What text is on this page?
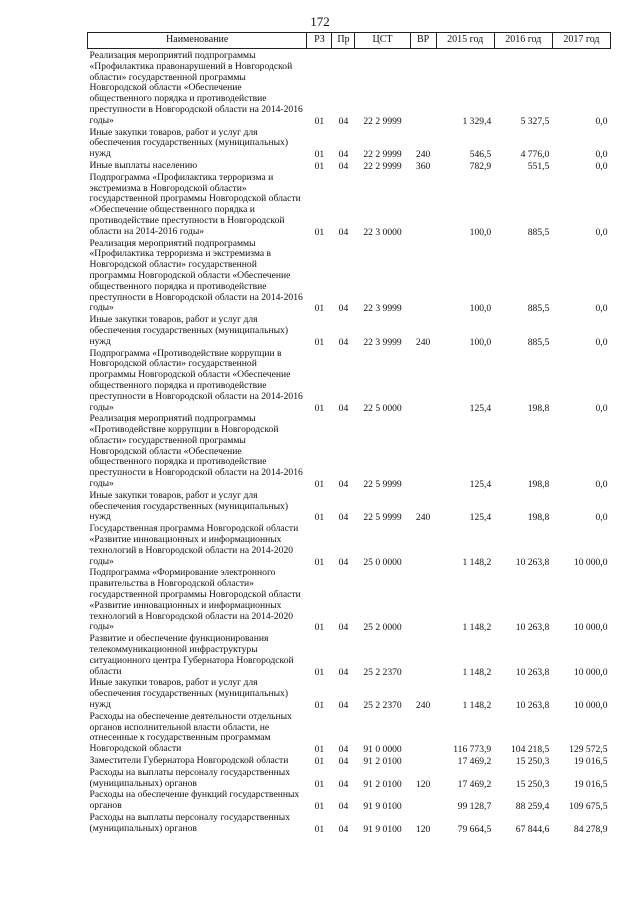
172
Наименование	РЗ	Пр	ЦСТ	ВР	2015 год	2016 год	2017 год
Реализация мероприятий подпрограммы «Профилактика правонарушений в Новгородской области» государственной программы Новгородской области «Обеспечение общественного порядка и противодействие преступности в Новгородской области на 2014-2016 годы»	01	04	22 2 9999		1 329,4	5 327,5	0,0
Иные закупки товаров, работ и услуг для обеспечения государственных (муниципальных) нужд	01	04	22 2 9999	240	546,5	4 776,0	0,0
Иные выплаты населению	01	04	22 2 9999	360	782,9	551,5	0,0
Подпрограмма «Профилактика терроризма и экстремизма в Новгородской области» государственной программы Новгородской области «Обеспечение общественного порядка и противодействие преступности в Новгородской области на 2014-2016 годы»	01	04	22 3 0000		100,0	885,5	0,0
Реализация мероприятий подпрограммы «Профилактика терроризма и экстремизма в Новгородской области» государственной программы Новгородской области «Обеспечение общественного порядка и противодействие преступности в Новгородской области на 2014-2016 годы»	01	04	22 3 9999		100,0	885,5	0,0
Иные закупки товаров, работ и услуг для обеспечения государственных (муниципальных) нужд	01	04	22 3 9999	240	100,0	885,5	0,0
Подпрограмма «Противодействие коррупции в Новгородской области» государственной программы Новгородской области «Обеспечение общественного порядка и противодействие преступности в Новгородской области на 2014-2016 годы»	01	04	22 5 0000		125,4	198,8	0,0
Реализация мероприятий подпрограммы «Противодействие коррупции в Новгородской области» государственной программы Новгородской области «Обеспечение общественного порядка и противодействие преступности в Новгородской области на 2014-2016 годы»	01	04	22 5 9999		125,4	198,8	0,0
Иные закупки товаров, работ и услуг для обеспечения государственных (муниципальных) нужд	01	04	22 5 9999	240	125,4	198,8	0,0
Государственная программа Новгородской области «Развитие инновационных и информационных технологий в Новгородской области на 2014-2020 годы»	01	04	25 0 0000		1 148,2	10 263,8	10 000,0
Подпрограмма «Формирование электронного правительства в Новгородской области» государственной программы Новгородской области «Развитие инновационных и информационных технологий в Новгородской области на 2014-2020 годы»	01	04	25 2 0000		1 148,2	10 263,8	10 000,0
Развитие и обеспечение функционирования телекоммуникационной инфраструктуры ситуационного центра Губернатора Новгородской области	01	04	25 2 2370		1 148,2	10 263,8	10 000,0
Иные закупки товаров, работ и услуг для обеспечения государственных (муниципальных) нужд	01	04	25 2 2370	240	1 148,2	10 263,8	10 000,0
Расходы на обеспечение деятельности отдельных органов исполнительной власти области, не отнесенные к государственным программам Новгородской области	01	04	91 0 0000		116 773,9	104 218,5	129 572,5
Заместители Губернатора Новгородской области	01	04	91 2 0100		17 469,2	15 250,3	19 016,5
Расходы на выплаты персоналу государственных (муниципальных) органов	01	04	91 2 0100	120	17 469,2	15 250,3	19 016,5
Расходы на обеспечение функций государственных органов	01	04	91 9 0100		99 128,7	88 259,4	109 675,5
Расходы на выплаты персоналу государственных (муниципальных) органов	01	04	91 9 0100	120	79 664,5	67 844,6	84 278,9
